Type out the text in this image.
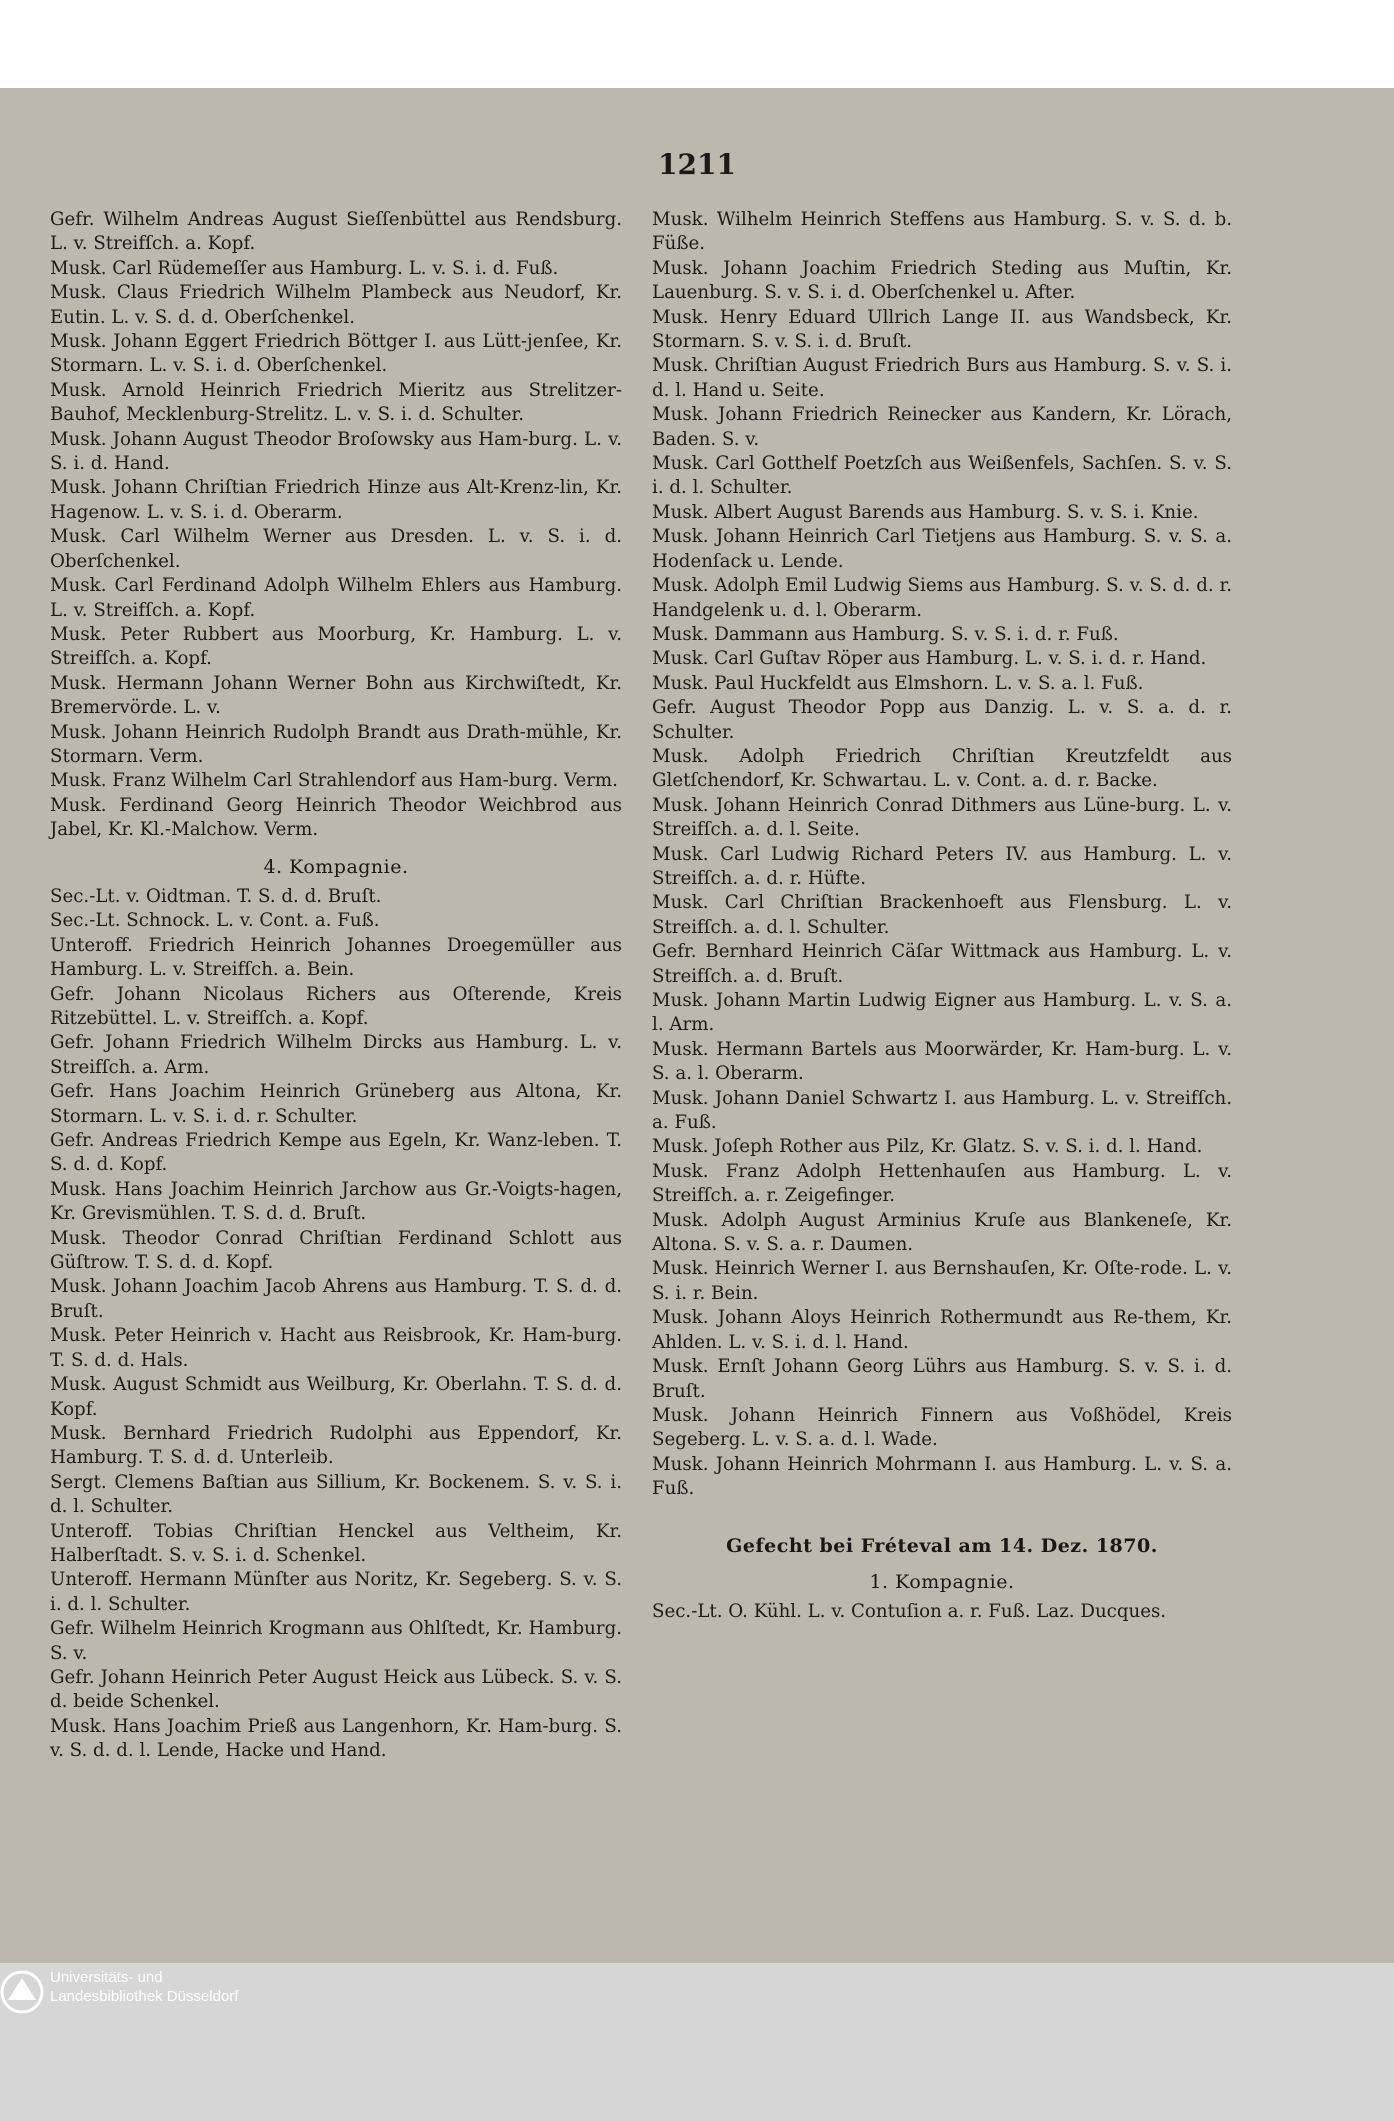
1211
Gefr. Wilhelm Andreas August Sieſſenbüttel aus Rendsburg. L. v. Streifſch. a. Kopf.
Musk. Carl Rüdemeſſer aus Hamburg. L. v. S. i. d. Fuß.
Musk. Claus Friedrich Wilhelm Plambeck aus Neudorf, Kr. Eutin. L. v. S. d. d. Oberſchenkel.
Musk. Johann Eggert Friedrich Böttger I. aus Lütt-jenſee, Kr. Stormarn. L. v. S. i. d. Oberſchenkel.
Musk. Arnold Heinrich Friedrich Mieritz aus Strelitzer-Bauhof, Mecklenburg-Strelitz. L. v. S. i. d. Schulter.
Musk. Johann August Theodor Broſowsky aus Ham-burg. L. v. S. i. d. Hand.
Musk. Johann Chriſtian Friedrich Hinze aus Alt-Krenz-lin, Kr. Hagenow. L. v. S. i. d. Oberarm.
Musk. Carl Wilhelm Werner aus Dresden. L. v. S. i. d. Oberſchenkel.
Musk. Carl Ferdinand Adolph Wilhelm Ehlers aus Hamburg. L. v. Streifſch. a. Kopf.
Musk. Peter Rubbert aus Moorburg, Kr. Hamburg. L. v. Streifſch. a. Kopf.
Musk. Hermann Johann Werner Bohn aus Kirchwiſtedt, Kr. Bremervörde. L. v.
Musk. Johann Heinrich Rudolph Brandt aus Drath-mühle, Kr. Stormarn. Verm.
Musk. Franz Wilhelm Carl Strahlendorf aus Ham-burg. Verm.
Musk. Ferdinand Georg Heinrich Theodor Weichbrod aus Jabel, Kr. Kl.-Malchow. Verm.
4. Kompagnie.
Sec.-Lt. v. Oidtman. T. S. d. d. Bruſt.
Sec.-Lt. Schnock. L. v. Cont. a. Fuß.
Unteroff. Friedrich Heinrich Johannes Droegemüller aus Hamburg. L. v. Streifſch. a. Bein.
Gefr. Johann Nicolaus Richers aus Oſterende, Kreis Ritzebüttel. L. v. Streifſch. a. Kopf.
Gefr. Johann Friedrich Wilhelm Dircks aus Hamburg. L. v. Streifſch. a. Arm.
Gefr. Hans Joachim Heinrich Grüneberg aus Altona, Kr. Stormarn. L. v. S. i. d. r. Schulter.
Gefr. Andreas Friedrich Kempe aus Egeln, Kr. Wanz-leben. T. S. d. d. Kopf.
Musk. Hans Joachim Heinrich Jarchow aus Gr.-Voigts-hagen, Kr. Grevismühlen. T. S. d. d. Bruſt.
Musk. Theodor Conrad Chriſtian Ferdinand Schlott aus Güſtrow. T. S. d. d. Kopf.
Musk. Johann Joachim Jacob Ahrens aus Hamburg. T. S. d. d. Bruſt.
Musk. Peter Heinrich v. Hacht aus Reisbrook, Kr. Ham-burg. T. S. d. d. Hals.
Musk. August Schmidt aus Weilburg, Kr. Oberlahn. T. S. d. d. Kopf.
Musk. Bernhard Friedrich Rudolphi aus Eppendorf, Kr. Hamburg. T. S. d. d. Unterleib.
Sergt. Clemens Baſtian aus Sillium, Kr. Bockenem. S. v. S. i. d. l. Schulter.
Unteroff. Tobias Chriſtian Henckel aus Veltheim, Kr. Halberſtadt. S. v. S. i. d. Schenkel.
Unteroff. Hermann Münſter aus Noritz, Kr. Segeberg. S. v. S. i. d. l. Schulter.
Gefr. Wilhelm Heinrich Krogmann aus Ohlſtedt, Kr. Hamburg. S. v.
Gefr. Johann Heinrich Peter August Heick aus Lübeck. S. v. S. d. beide Schenkel.
Musk. Hans Joachim Prieß aus Langenhorn, Kr. Ham-burg. S. v. S. d. d. l. Lende, Hacke und Hand.
Musk. Wilhelm Heinrich Steffens aus Hamburg. S. v. S. d. b. Füße.
Musk. Johann Joachim Friedrich Steding aus Muſtin, Kr. Lauenburg. S. v. S. i. d. Oberſchenkel u. After.
Musk. Henry Eduard Ullrich Lange II. aus Wandsbeck, Kr. Stormarn. S. v. S. i. d. Bruſt.
Musk. Chriſtian August Friedrich Burs aus Hamburg. S. v. S. i. d. l. Hand u. Seite.
Musk. Johann Friedrich Reinecker aus Kandern, Kr. Lörach, Baden. S. v.
Musk. Carl Gotthelf Poetzſch aus Weißenfels, Sachſen. S. v. S. i. d. l. Schulter.
Musk. Albert August Barends aus Hamburg. S. v. S. i. Knie.
Musk. Johann Heinrich Carl Tietjens aus Hamburg. S. v. S. a. Hodenſack u. Lende.
Musk. Adolph Emil Ludwig Siems aus Hamburg. S. v. S. d. d. r. Handgelenk u. d. l. Oberarm.
Musk. Dammann aus Hamburg. S. v. S. i. d. r. Fuß.
Musk. Carl Guſtav Röper aus Hamburg. L. v. S. i. d. r. Hand.
Musk. Paul Huckfeldt aus Elmshorn. L. v. S. a. l. Fuß.
Gefr. August Theodor Popp aus Danzig. L. v. S. a. d. r. Schulter.
Musk. Adolph Friedrich Chriſtian Kreutzfeldt aus Gletſchendorf, Kr. Schwartau. L. v. Cont. a. d. r. Backe.
Musk. Johann Heinrich Conrad Dithmers aus Lüne-burg. L. v. Streifſch. a. d. l. Seite.
Musk. Carl Ludwig Richard Peters IV. aus Hamburg. L. v. Streifſch. a. d. r. Hüfte.
Musk. Carl Chriſtian Brackenhoeft aus Flensburg. L. v. Streifſch. a. d. l. Schulter.
Gefr. Bernhard Heinrich Cäſar Wittmack aus Hamburg. L. v. Streifſch. a. d. Bruſt.
Musk. Johann Martin Ludwig Eigner aus Hamburg. L. v. S. a. l. Arm.
Musk. Hermann Bartels aus Moorwärder, Kr. Ham-burg. L. v. S. a. l. Oberarm.
Musk. Johann Daniel Schwartz I. aus Hamburg. L. v. Streifſch. a. Fuß.
Musk. Joſeph Rother aus Pilz, Kr. Glatz. S. v. S. i. d. l. Hand.
Musk. Franz Adolph Hettenhauſen aus Hamburg. L. v. Streifſch. a. r. Zeigefinger.
Musk. Adolph August Arminius Kruſe aus Blankeneſe, Kr. Altona. S. v. S. a. r. Daumen.
Musk. Heinrich Werner I. aus Bernshauſen, Kr. Oſte-rode. L. v. S. i. r. Bein.
Musk. Johann Aloys Heinrich Rothermundt aus Re-them, Kr. Ahlden. L. v. S. i. d. l. Hand.
Musk. Ernſt Johann Georg Lührs aus Hamburg. S. v. S. i. d. Bruſt.
Musk. Johann Heinrich Finnern aus Voßhödel, Kreis Segeberg. L. v. S. a. d. l. Wade.
Musk. Johann Heinrich Mohrmann I. aus Hamburg. L. v. S. a. Fuß.
Gefecht bei Fréteval am 14. Dez. 1870.
1. Kompagnie.
Sec.-Lt. O. Kühl. L. v. Contuſion a. r. Fuß. Laz. Ducques.
Universitäts- und
Landesbibliothek Düsseldorf
